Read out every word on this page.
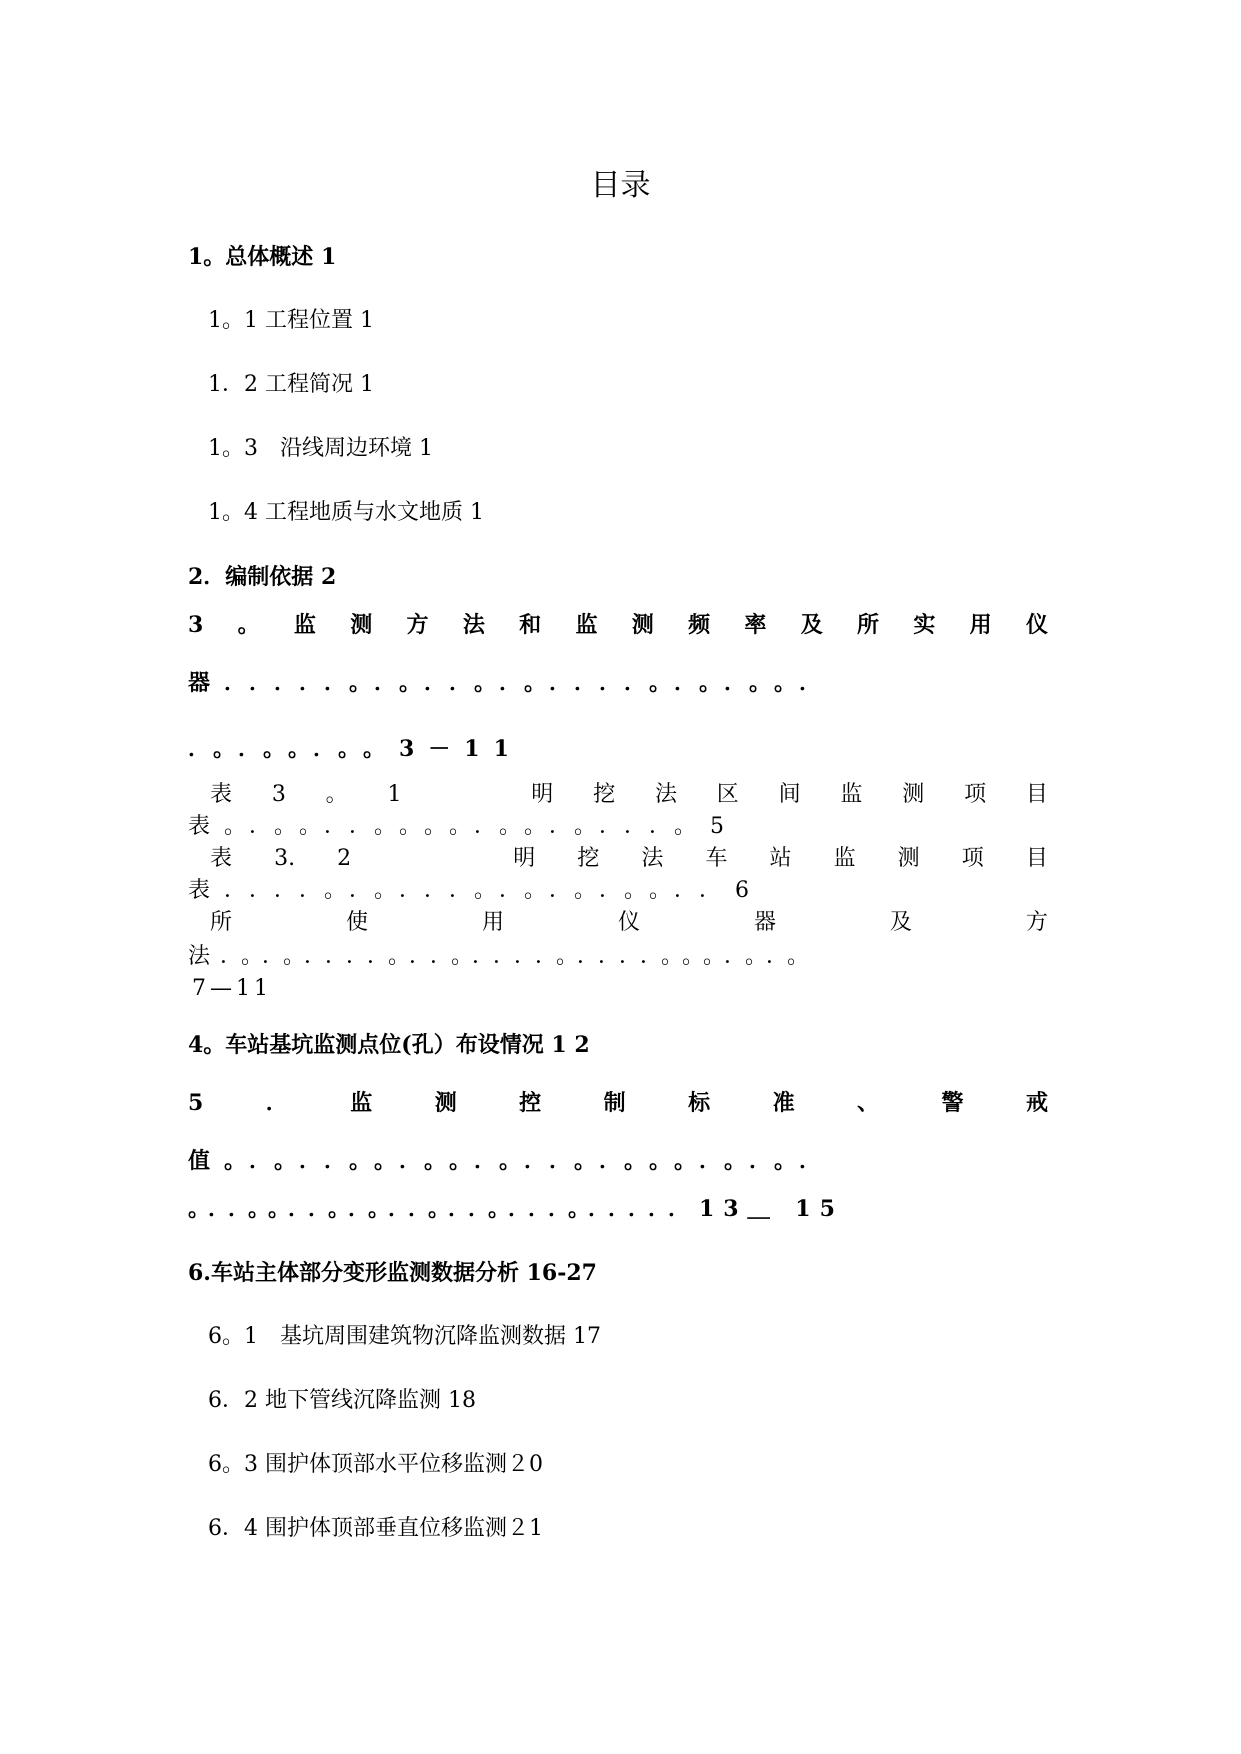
目录
1。总体概述 1
1。1 工程位置 1
1．2 工程简况 1
1。3　沿线周边环境 1
1。4 工程地质与水文地质 1
2．编制依据 2
3 。 监 测 方 法 和 监 测 频 率 及 所 实 用 仪
器．．．．．。．。．．。．。．．．．。．。．。。．
．。．。。．。。3－11
表 3 。 1	明 挖 法 区 间 监 测 项 目
表。．。。．．。。。。．。。．。．．．。5
表 3. 2	明 挖 法 车 站 监 测 项 目
表．．．．。．。．．．。．。．。．。。．．6
所	使	用	仪	器	及	方
法．。．。．．．．。．．。．．．．。．．．．。。。．。．。
7—11
4。车站基坑监测点位(孔）布设情况 1 2
5	．	监	测	控	制	标	准	、	警	戒
值。．。．．。。．。。．。．．。．。。。．。．。．
。．．。。．．。．。．．。．．。．．．。．．．．．13＿ 15
6.车站主体部分变形监测数据分析 16-27
6。1　基坑周围建筑物沉降监测数据 17
6．2 地下管线沉降监测 18
6。3 围护体顶部水平位移监测２0
6．4 围护体顶部垂直位移监测２1
